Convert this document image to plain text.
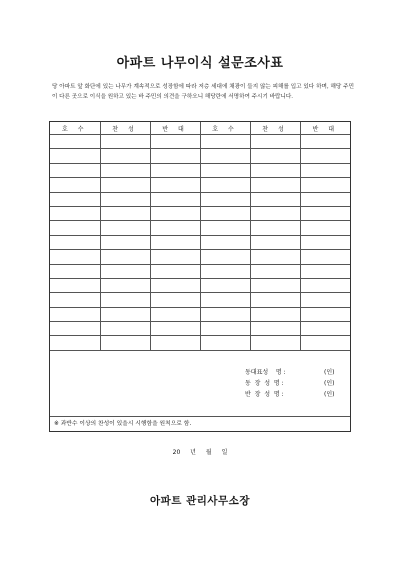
아파트 나무이식 설문조사표
당 아파트 앞 화단에 있는 나무가 계속적으로 성장함에 따라 저층 세대에 채광이 들지 않는 피해를 입고 있다 하며, 해당 주민이 다른 곳으로 이식을 원하고 있는 바 주민의 의견을 구하오니 해당란에 서명하여 주시기 바랍니다.
호 수	찬 성	반 대	호 수	찬 성	반 대

동대표성    명 :	(인)
동  장  성  명 :	(인)
반  장  성  명 :	(인)
※ 과반수 이상의 찬성이 있을시 시행함을 원칙으로 함.
20 년 월 일
아파트 관리사무소장
